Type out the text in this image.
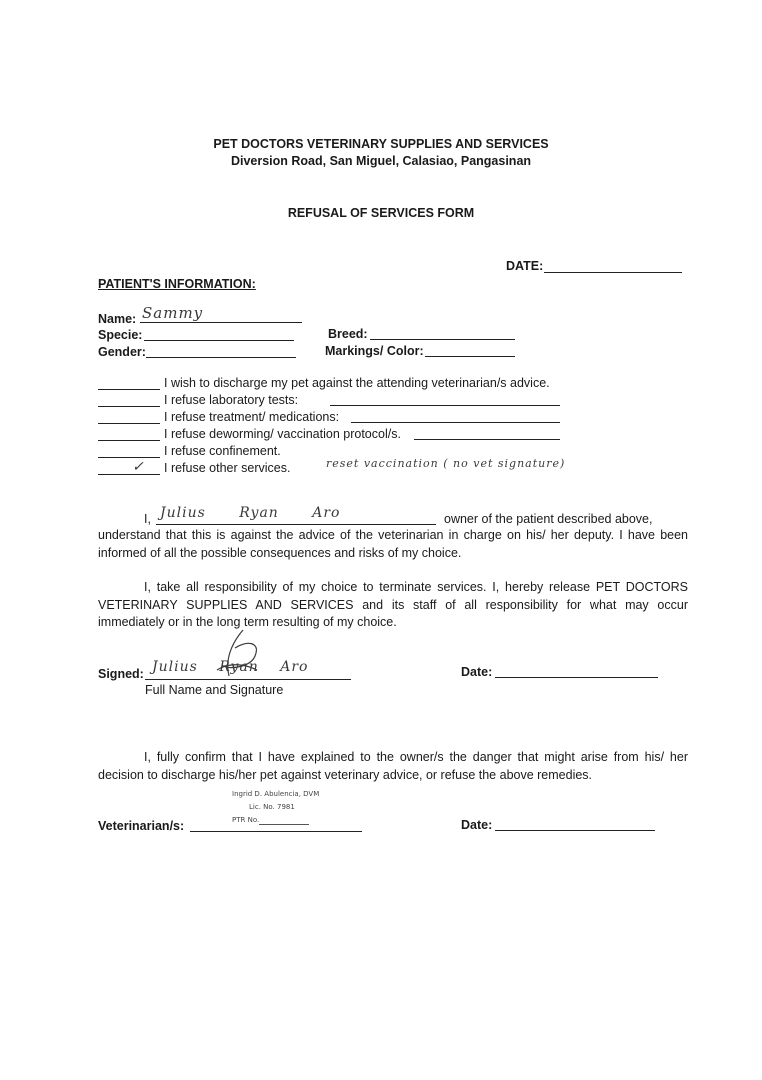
PET DOCTORS VETERINARY SUPPLIES AND SERVICES
Diversion Road, San Miguel, Calasiao, Pangasinan
REFUSAL OF SERVICES FORM
DATE:
PATIENT'S INFORMATION:
Name: Sammy
Specie:
Gender:
Breed:
Markings/ Color:
I wish to discharge my pet against the attending veterinarian/s advice.
I refuse laboratory tests:
I refuse treatment/ medications:
I refuse deworming/ vaccination protocol/s.
I refuse confinement.
✓ I refuse other services.	reset vaccination ( no vet signature)
I, Julius Ryan Aro	owner of the patient described above,
understand that this is against the advice of the veterinarian in charge on his/ her deputy. I have been informed of all the possible consequences and risks of my choice.
I, take all responsibility of my choice to terminate services. I, hereby release PET DOCTORS VETERINARY SUPPLIES AND SERVICES and its staff of all responsibility for what may occur immediately or in the long term resulting of my choice.
Signed: Julius Ryan Aro
Full Name and Signature
Date:
I, fully confirm that I have explained to the owner/s the danger that might arise from his/ her decision to discharge his/her pet against veterinary advice, or refuse the above remedies.
Ingrid D. Abulencia, DVM
Lic. No. 7981
PTR No.
Veterinarian/s:	Date:
